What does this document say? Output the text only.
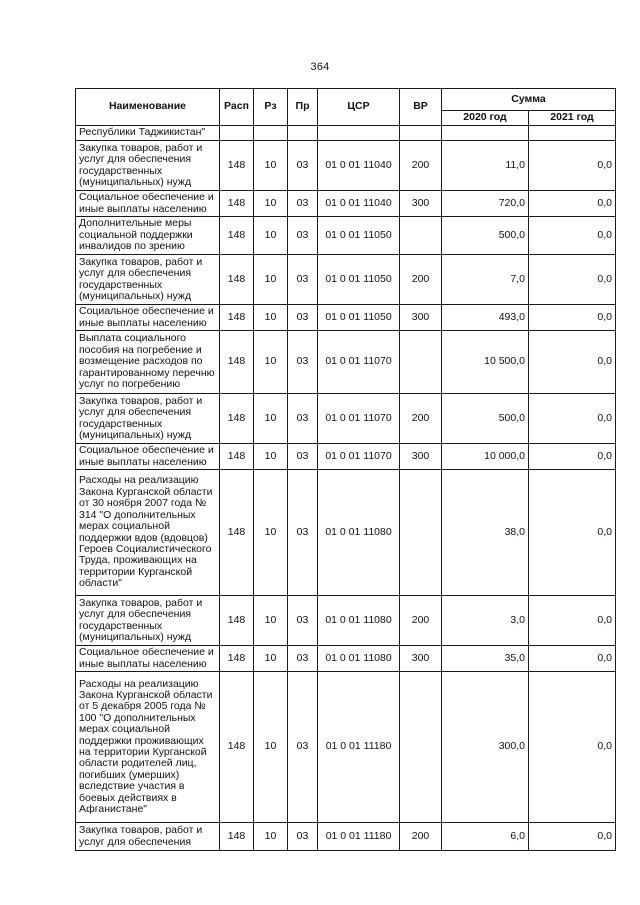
364
Наименование	Расп	Рз	Пр	ЦСР	ВР	Сумма	
						2020 год	2021 год
Республики Таджикистан"							
Закупка товаров, работ и услуг для обеспечения государственных (муниципальных) нужд	148	10	03	01 0 01 11040	200	11,0	0,0
Социальное обеспечение и иные выплаты населению	148	10	03	01 0 01 11040	300	720,0	0,0
Дополнительные меры социальной поддержки инвалидов по зрению	148	10	03	01 0 01 11050		500,0	0,0
Закупка товаров, работ и услуг для обеспечения государственных (муниципальных) нужд	148	10	03	01 0 01 11050	200	7,0	0,0
Социальное обеспечение и иные выплаты населению	148	10	03	01 0 01 11050	300	493,0	0,0
Выплата социального пособия на погребение и возмещение расходов по гарантированному перечню услуг по погребению	148	10	03	01 0 01 11070		10 500,0	0,0
Закупка товаров, работ и услуг для обеспечения государственных (муниципальных) нужд	148	10	03	01 0 01 11070	200	500,0	0,0
Социальное обеспечение и иные выплаты населению	148	10	03	01 0 01 11070	300	10 000,0	0,0
Расходы на реализацию Закона Курганской области от 30 ноября 2007 года № 314 "О дополнительных мерах социальной поддержки вдов (вдовцов) Героев Социалистического Труда, проживающих на территории Курганской области"	148	10	03	01 0 01 11080		38,0	0,0
Закупка товаров, работ и услуг для обеспечения государственных (муниципальных) нужд	148	10	03	01 0 01 11080	200	3,0	0,0
Социальное обеспечение и иные выплаты населению	148	10	03	01 0 01 11080	300	35,0	0,0
Расходы на реализацию Закона Курганской области от 5 декабря 2005 года № 100 "О дополнительных мерах социальной поддержки проживающих на территории Курганской области родителей лиц, погибших (умерших) вследствие участия в боевых действиях в Афганистане"	148	10	03	01 0 01 11180		300,0	0,0
Закупка товаров, работ и услуг для обеспечения	148	10	03	01 0 01 11180	200	6,0	0,0
